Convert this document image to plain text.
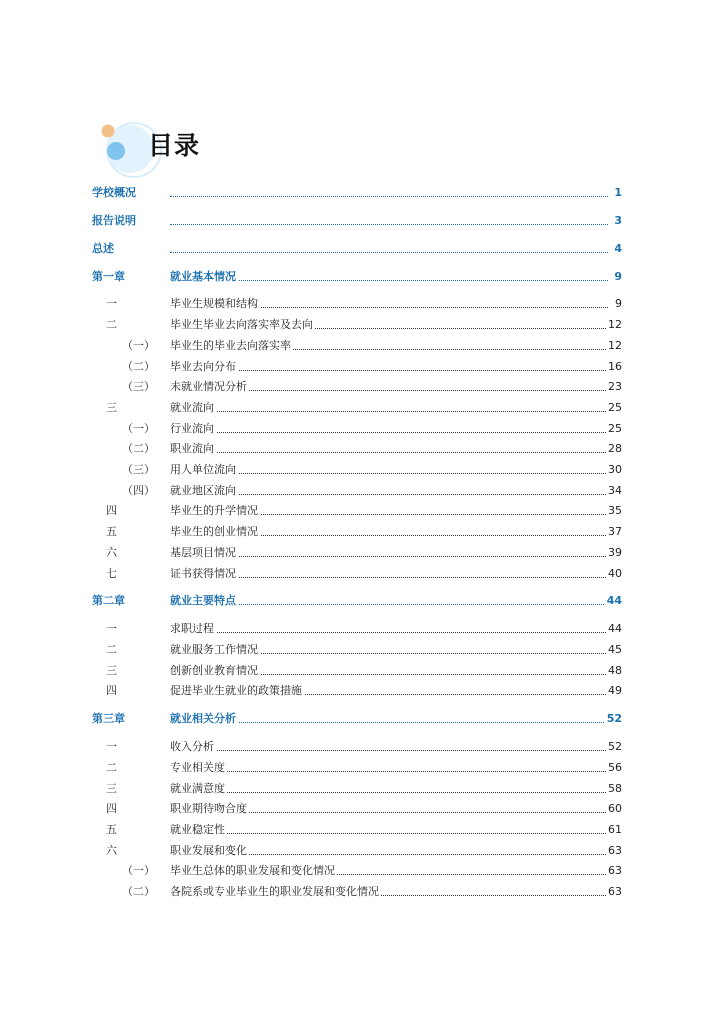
目录
学校概况	1
报告说明	3
总述	4
第一章	就业基本情况	9
一	毕业生规模和结构	9
二	毕业生毕业去向落实率及去向	12
（一） 毕业生的毕业去向落实率	12
（二） 毕业去向分布	16
（三） 未就业情况分析	23
三	就业流向	25
（一） 行业流向	25
（二） 职业流向	28
（三） 用人单位流向	30
（四） 就业地区流向	34
四	毕业生的升学情况	35
五	毕业生的创业情况	37
六	基层项目情况	39
七	证书获得情况	40
第二章	就业主要特点	44
一	求职过程	44
二	就业服务工作情况	45
三	创新创业教育情况	48
四	促进毕业生就业的政策措施	49
第三章	就业相关分析	52
一	收入分析	52
二	专业相关度	56
三	就业满意度	58
四	职业期待吻合度	60
五	就业稳定性	61
六	职业发展和变化	63
（一） 毕业生总体的职业发展和变化情况	63
（二） 各院系或专业毕业生的职业发展和变化情况	63
